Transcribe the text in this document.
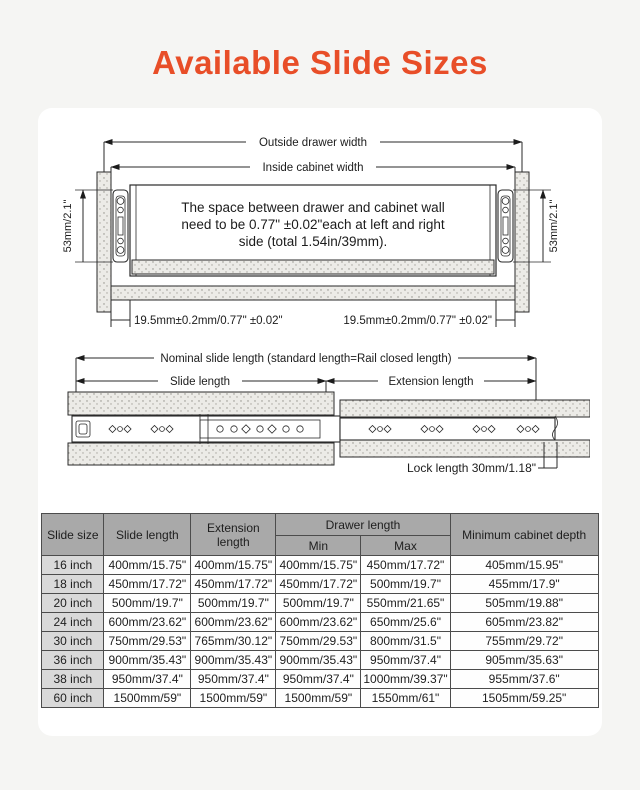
Available Slide Sizes
Outside drawer width
Inside cabinet width
The space between drawer and cabinet wall
need to be 0.77" ±0.02"each at left and right
side (total 1.54in/39mm).
53mm/2.1"	53mm/2.1"
19.5mm±0.2mm/0.77" ±0.02"	19.5mm±0.2mm/0.77" ±0.02"
Nominal slide length (standard length=Rail closed length)
Slide length	Extension length
Lock length 30mm/1.18"
Slide size	Slide length	Extension length	Drawer length		Minimum cabinet depth
			Min	Max	
16 inch	400mm/15.75"	400mm/15.75"	400mm/15.75"	450mm/17.72"	405mm/15.95"
18 inch	450mm/17.72"	450mm/17.72"	450mm/17.72"	500mm/19.7"	455mm/17.9"
20 inch	500mm/19.7"	500mm/19.7"	500mm/19.7"	550mm/21.65"	505mm/19.88"
24 inch	600mm/23.62"	600mm/23.62"	600mm/23.62"	650mm/25.6"	605mm/23.82"
30 inch	750mm/29.53"	765mm/30.12"	750mm/29.53"	800mm/31.5"	755mm/29.72"
36 inch	900mm/35.43"	900mm/35.43"	900mm/35.43"	950mm/37.4"	905mm/35.63"
38 inch	950mm/37.4"	950mm/37.4"	950mm/37.4"	1000mm/39.37"	955mm/37.6"
60 inch	1500mm/59"	1500mm/59"	1500mm/59"	1550mm/61"	1505mm/59.25"
